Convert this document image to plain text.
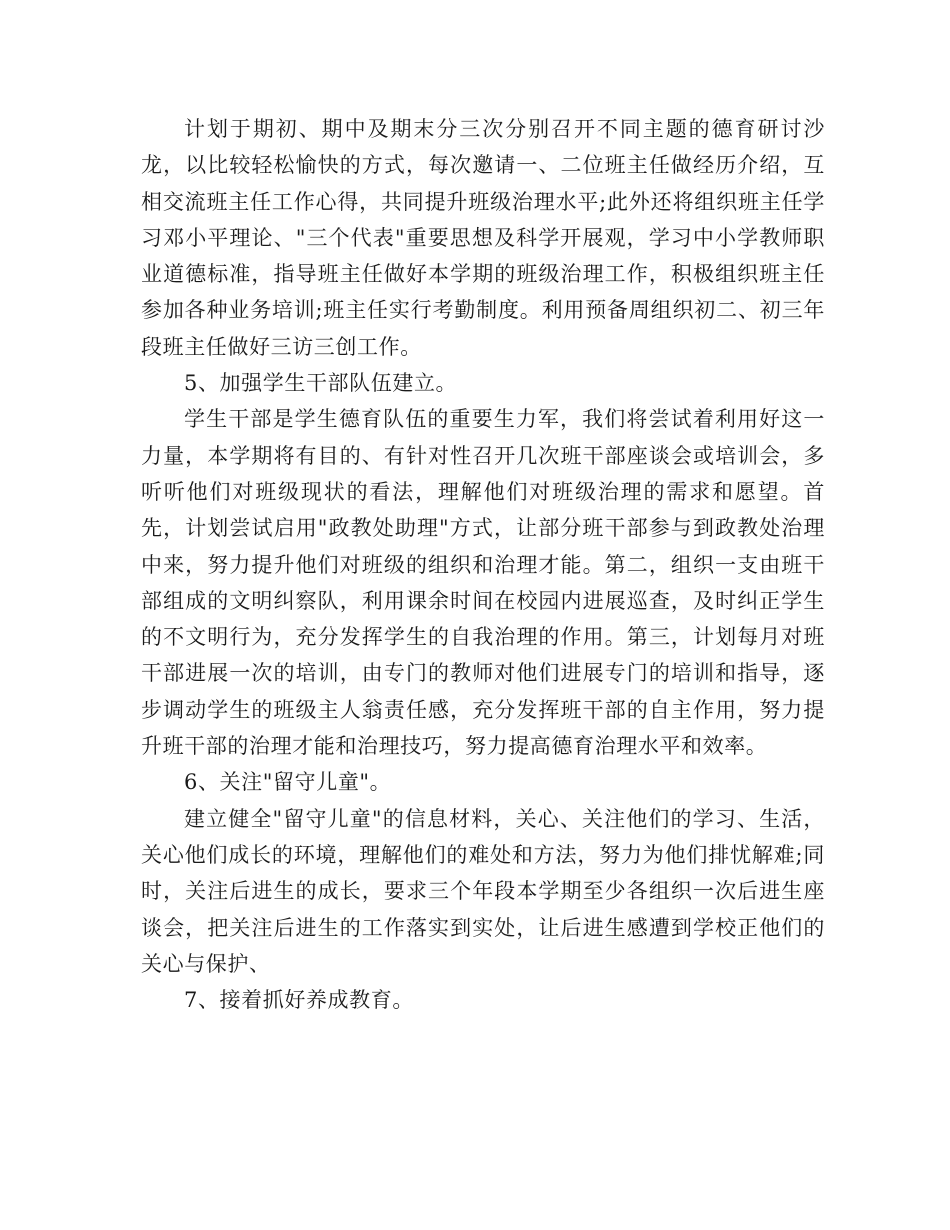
计划于期初、期中及期末分三次分别召开不同主题的德育研讨沙龙，以比较轻松愉快的方式，每次邀请一、二位班主任做经历介绍，互相交流班主任工作心得，共同提升班级治理水平;此外还将组织班主任学习邓小平理论、"三个代表"重要思想及科学开展观，学习中小学教师职业道德标准，指导班主任做好本学期的班级治理工作，积极组织班主任参加各种业务培训;班主任实行考勤制度。利用预备周组织初二、初三年段班主任做好三访三创工作。

5、加强学生干部队伍建立。

学生干部是学生德育队伍的重要生力军，我们将尝试着利用好这一力量，本学期将有目的、有针对性召开几次班干部座谈会或培训会，多听听他们对班级现状的看法，理解他们对班级治理的需求和愿望。首先，计划尝试启用"政教处助理"方式，让部分班干部参与到政教处治理中来，努力提升他们对班级的组织和治理才能。第二，组织一支由班干部组成的文明纠察队，利用课余时间在校园内进展巡查，及时纠正学生的不文明行为，充分发挥学生的自我治理的作用。第三，计划每月对班干部进展一次的培训，由专门的教师对他们进展专门的培训和指导，逐步调动学生的班级主人翁责任感，充分发挥班干部的自主作用，努力提升班干部的治理才能和治理技巧，努力提高德育治理水平和效率。

6、关注"留守儿童"。

建立健全"留守儿童"的信息材料，关心、关注他们的学习、生活，关心他们成长的环境，理解他们的难处和方法，努力为他们排忧解难;同时，关注后进生的成长，要求三个年段本学期至少各组织一次后进生座谈会，把关注后进生的工作落实到实处，让后进生感遭到学校正他们的关心与保护、

7、接着抓好养成教育。
